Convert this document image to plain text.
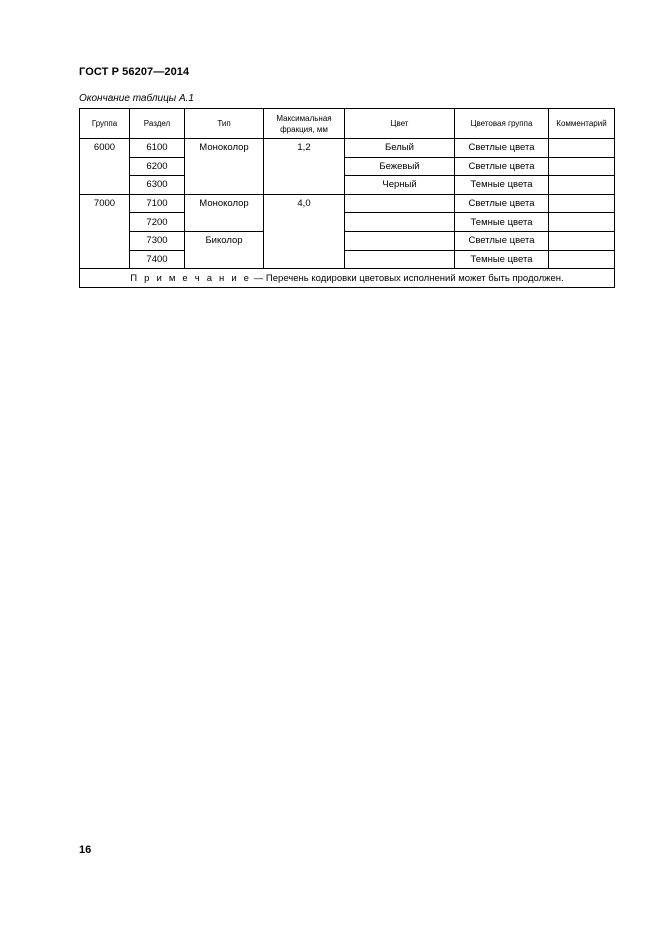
ГОСТ Р 56207—2014
Окончание таблицы А.1
Группа	Раздел	Тип	Максимальная фракция, мм	Цвет	Цветовая группа	Комментарий
6000	6100	Моноколор	1,2	Белый	Светлые цвета	
	6200			Бежевый	Светлые цвета	
	6300			Черный	Темные цвета	
7000	7100	Моноколор	4,0		Светлые цвета	
	7200				Темные цвета	
	7300	Биколор			Светлые цвета	
	7400				Темные цвета	
П р и м е ч а н и е — Перечень кодировки цветовых исполнений может быть продолжен.						
16
